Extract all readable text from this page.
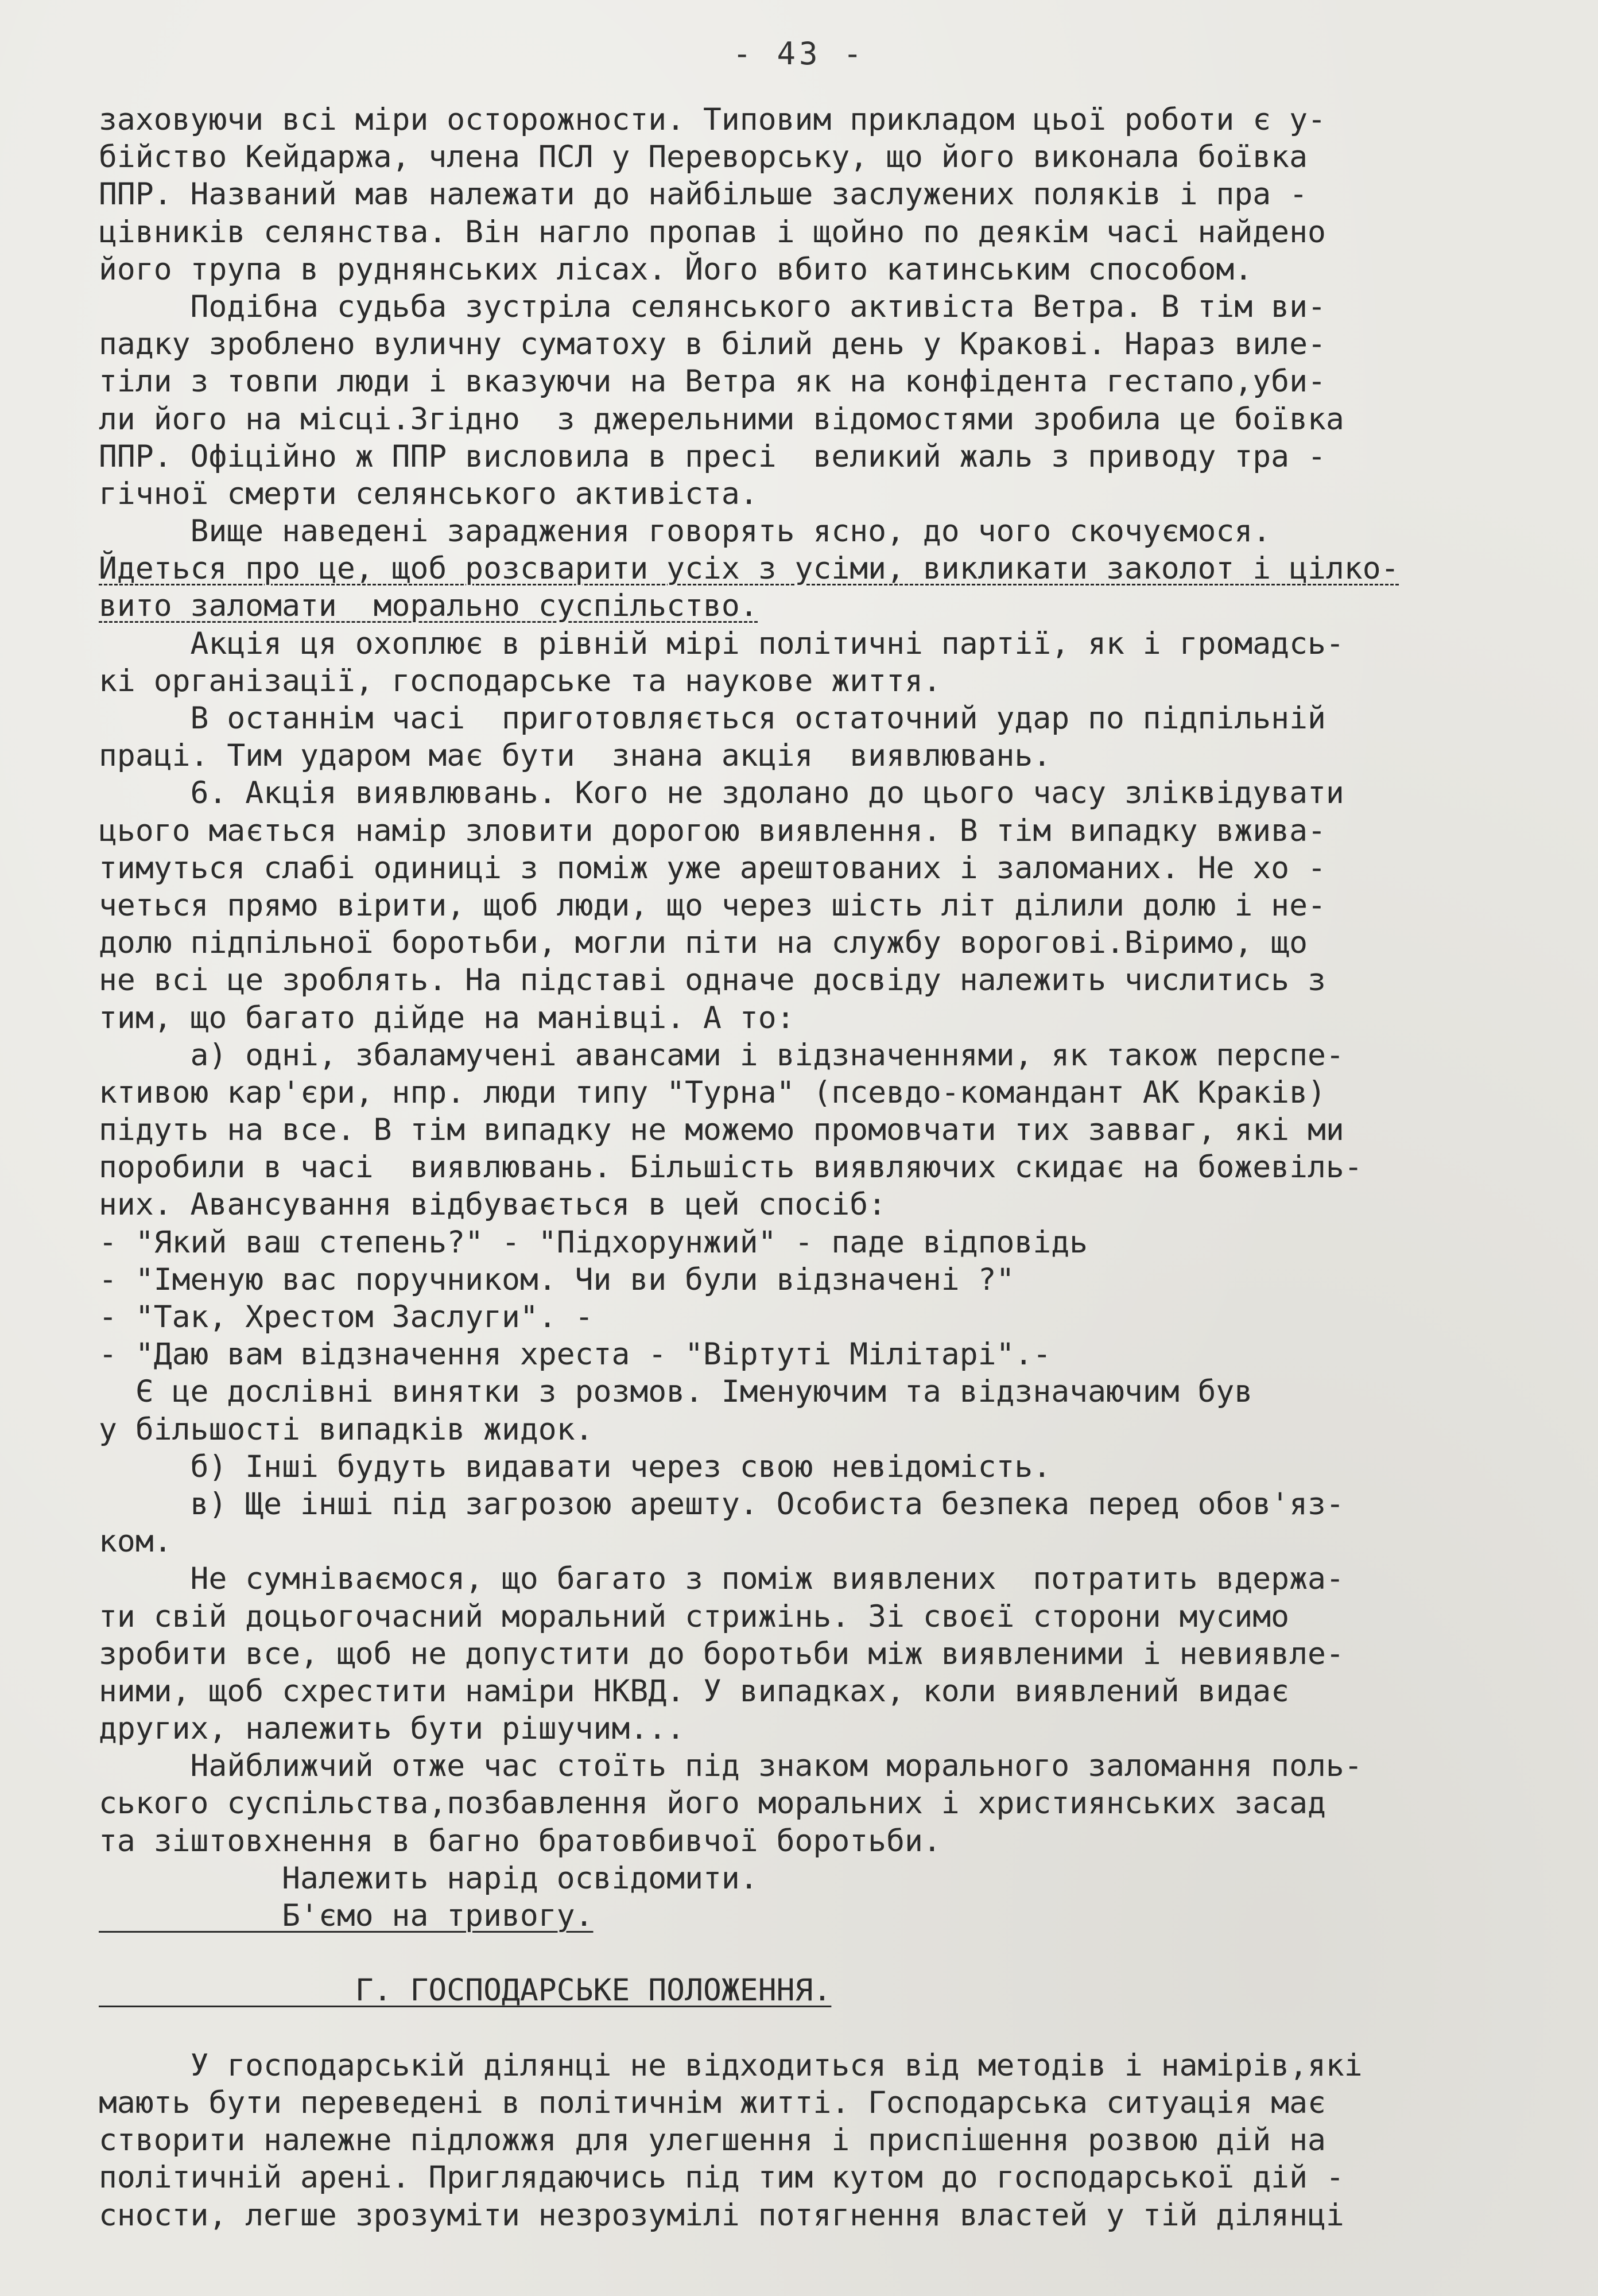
- 43 -
заховуючи всі міри осторожности. Типовим прикладом цьої роботи є у-
бійство Кейдаржа, члена ПСЛ у Переворську, що його виконала боївка
ППР. Названий мав належати до найбільше заслужених поляків і пра -
цівників селянства. Він нагло пропав і щойно по деякім часі найдено
його трупа в руднянських лісах. Його вбито катинським способом.
Подібна судьба зустріла селянського активіста Ветра. В тім ви-
падку зроблено вуличну суматоху в білий день у Кракові. Нараз виле-
тіли з товпи люди і вказуючи на Ветра як на конфідента гестапо,уби-
ли його на місці.Згідно  з джерельними відомостями зробила це боївка
ППР. Офіційно ж ППР висловила в пресі  великий жаль з приводу тра -
гічної смерти селянського активіста.
Вище наведені зараджения говорять ясно, до чого скочуємося.
Йдеться про це, щоб розсварити усіх з усіми, викликати заколот і цілко-
вито заломати  морально суспільство.
Акція ця охоплює в рівній мірі політичні партії, як і громадсь-
кі організації, господарське та наукове життя.
В останнім часі  приготовляється остаточний удар по підпільній
праці. Тим ударом має бути  знана акція  виявлювань.
6. Акція виявлювань. Кого не здолано до цього часу зліквідувати
цього мається намір зловити дорогою виявлення. В тім випадку вжива-
тимуться слабі одиниці з поміж уже арештованих і заломаних. Не хо -
четься прямо вірити, щоб люди, що через шість літ ділили долю і не-
долю підпільної боротьби, могли піти на службу ворогові.Віримо, що
не всі це зроблять. На підставі одначе досвіду належить числитись з
тим, що багато дійде на манівці. А то:
а) одні, збаламучені авансами і відзначеннями, як також перспе-
ктивою кар'єри, нпр. люди типу "Турна" (псевдо-командант АК Краків)
підуть на все. В тім випадку не можемо промовчати тих завваг, які ми
поробили в часі  виявлювань. Більшість виявляючих скидає на божевіль-
них. Авансування відбувається в цей спосіб:
- "Який ваш степень?" - "Підхорунжий" - паде відповідь
- "Іменую вас поручником. Чи ви були відзначені ?"
- "Так, Хрестом Заслуги". -
- "Даю вам відзначення хреста - "Віртуті Мілітарі".-
Є це дослівні винятки з розмов. Іменуючим та відзначаючим був
у більшості випадків жидок.
б) Інші будуть видавати через свою невідомість.
в) Ще інші під загрозою арешту. Особиста безпека перед обов'яз-
ком.
Не сумніваємося, що багато з поміж виявлених  потратить вдержа-
ти свій доцьогочасний моральний стрижінь. Зі своєї сторони мусимо
зробити все, щоб не допустити до боротьби між виявленими і невиявле-
ними, щоб схрестити наміри НКВД. У випадках, коли виявлений видає
других, належить бути рішучим...
Найближчий отже час стоїть під знаком морального заломання поль-
ського суспільства,позбавлення його моральних і християнських засад
та зіштовхнення в багно братовбивчої боротьби.
Належить нарід освідомити.
Б'ємо на тривогу.
Г. ГОСПОДАРСЬКЕ ПОЛОЖЕННЯ.
У господарській ділянці не відходиться від методів і намірів,які
мають бути переведені в політичнім житті. Господарська ситуація має
створити належне підложжя для улегшення і приспішення розвою дій на
політичній арені. Приглядаючись під тим кутом до господарської дій -
сности, легше зрозуміти незрозумілі потягнення властей у тій ділянці
